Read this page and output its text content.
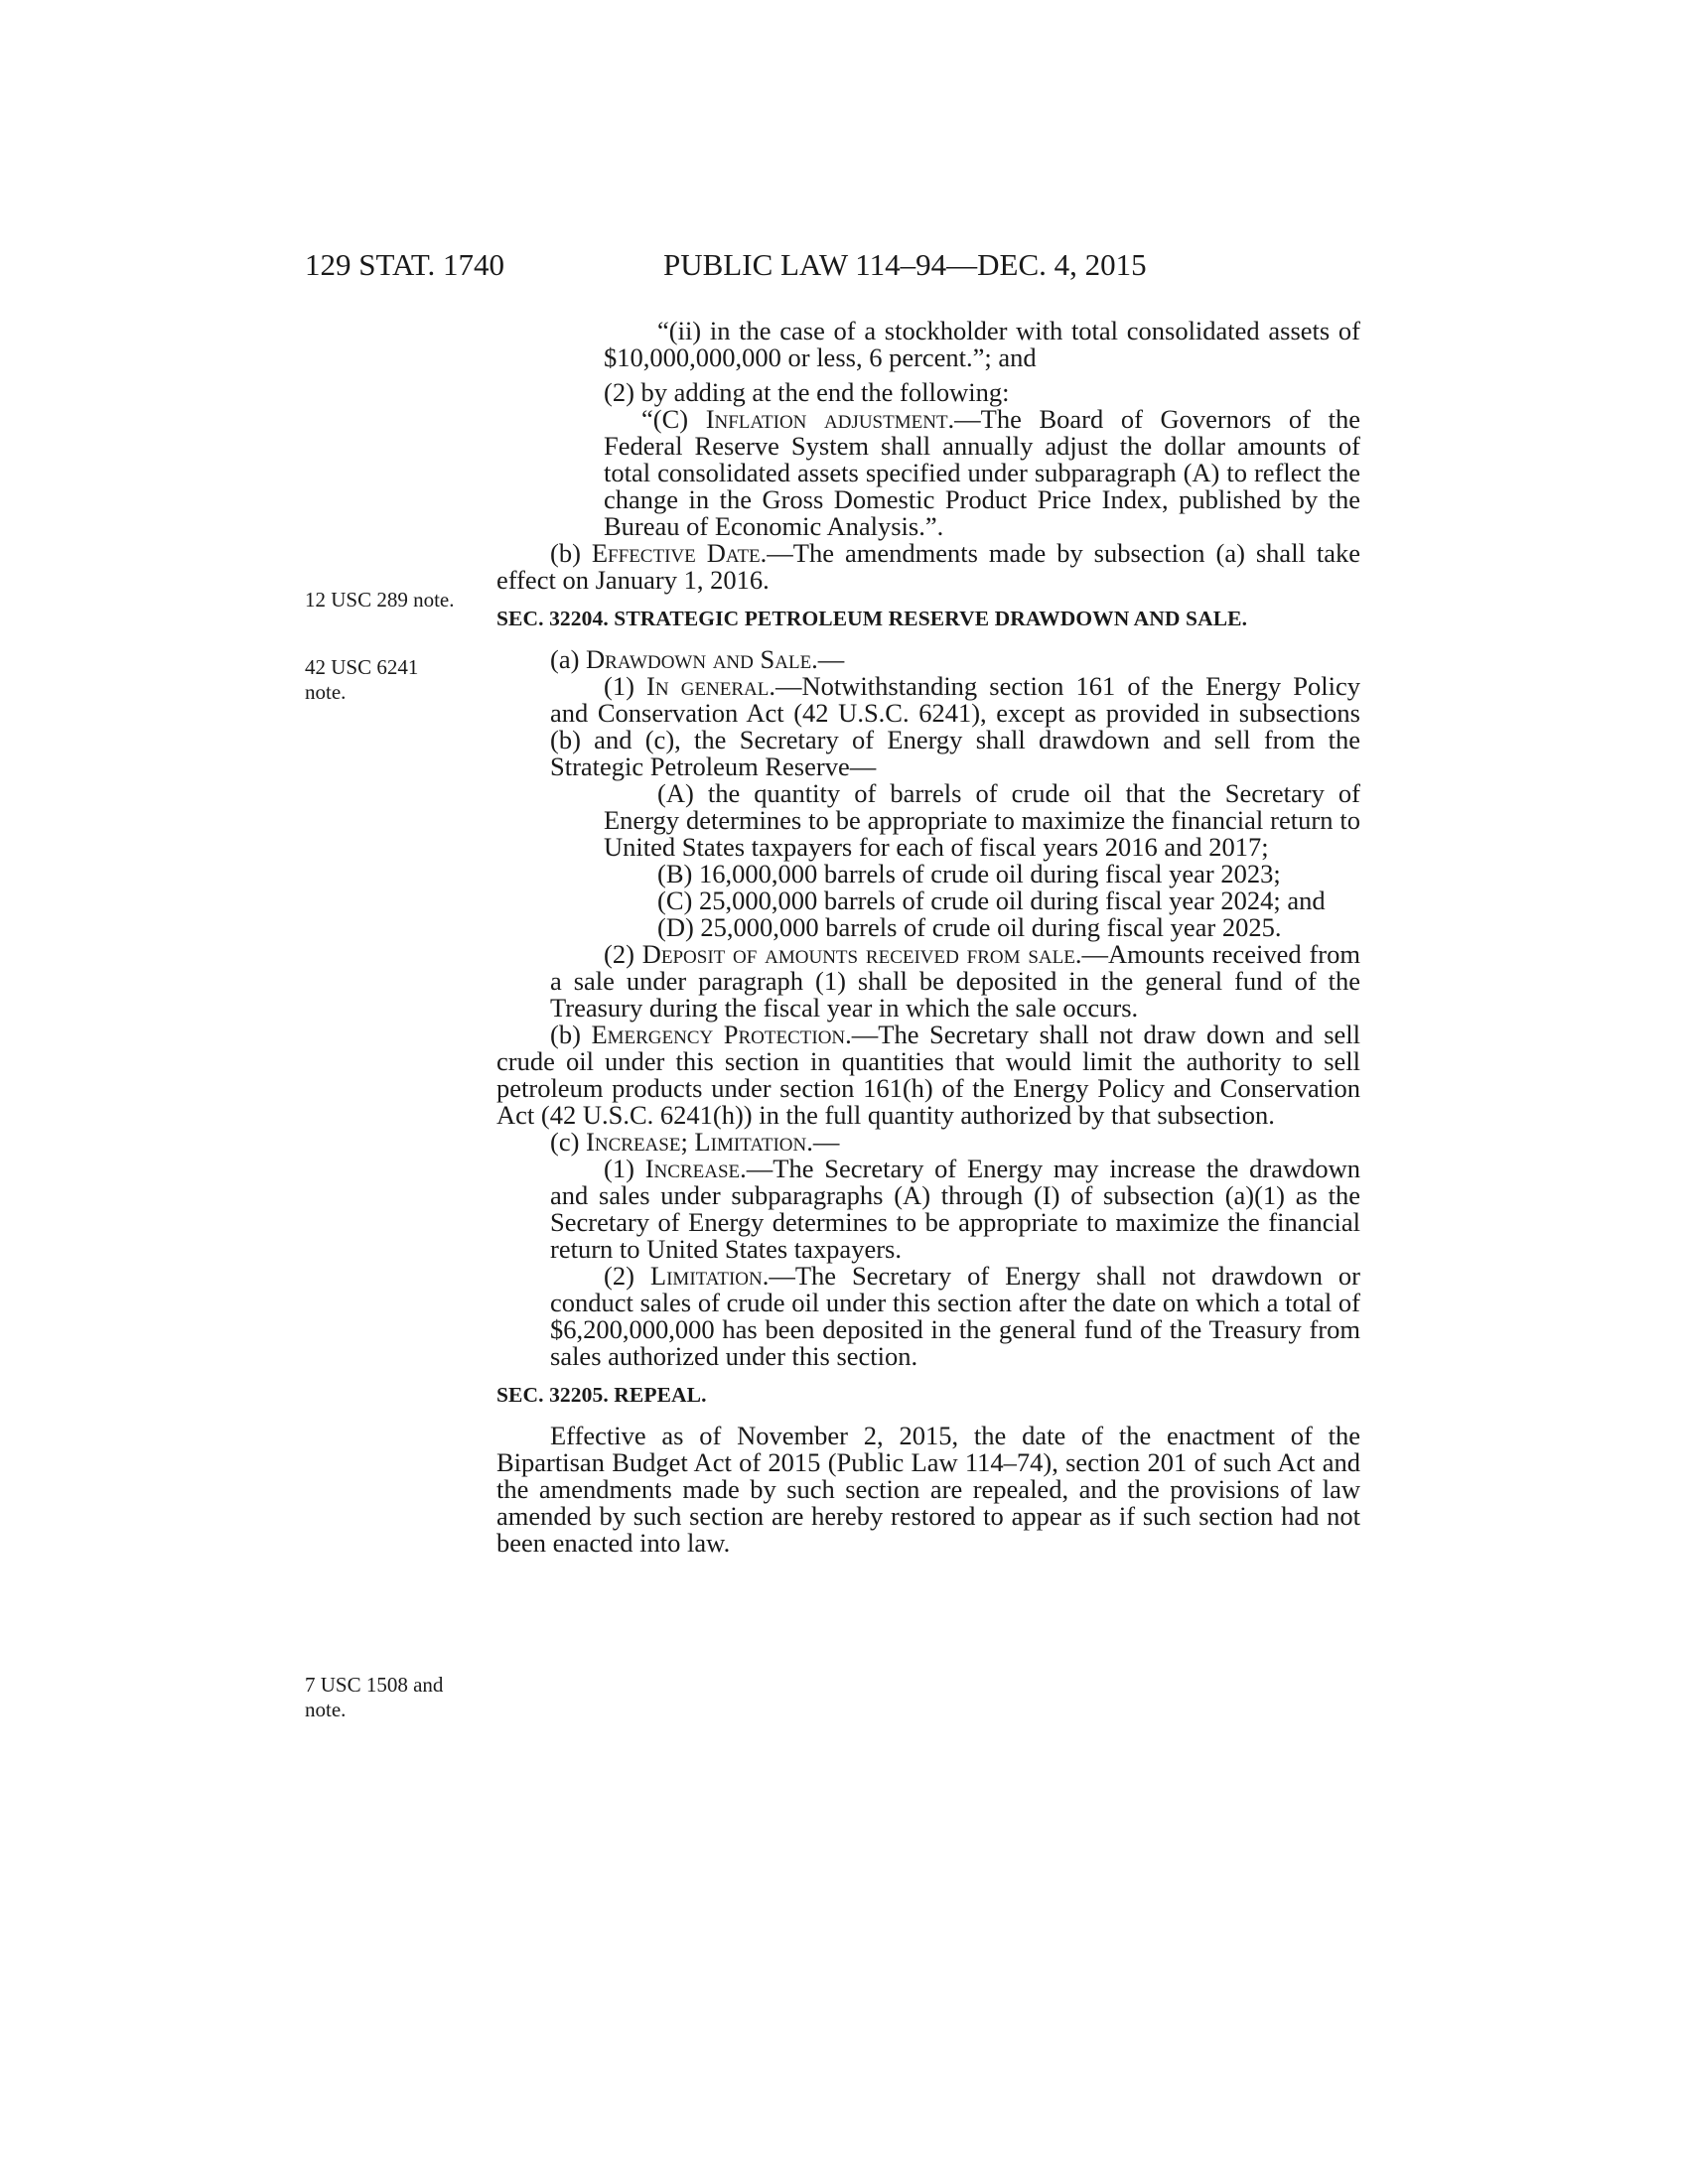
129 STAT. 1740	PUBLIC LAW 114–94—DEC. 4, 2015
12 USC 289 note.
42 USC 6241 note.
7 USC 1508 and note.

“(ii) in the case of a stockholder with total consolidated assets of $10,000,000,000 or less, 6 percent.”; and

(2) by adding at the end the following:

“(C) Inflation adjustment.—The Board of Governors of the Federal Reserve System shall annually adjust the dollar amounts of total consolidated assets specified under subparagraph (A) to reflect the change in the Gross Domestic Product Price Index, published by the Bureau of Economic Analysis.”.

(b) Effective Date.—The amendments made by subsection (a) shall take effect on January 1, 2016.

SEC. 32204. STRATEGIC PETROLEUM RESERVE DRAWDOWN AND SALE.

(a) Drawdown and Sale.—

(1) In general.—Notwithstanding section 161 of the Energy Policy and Conservation Act (42 U.S.C. 6241), except as provided in subsections (b) and (c), the Secretary of Energy shall drawdown and sell from the Strategic Petroleum Reserve—

(A) the quantity of barrels of crude oil that the Secretary of Energy determines to be appropriate to maximize the financial return to United States taxpayers for each of fiscal years 2016 and 2017;

(B) 16,000,000 barrels of crude oil during fiscal year 2023;

(C) 25,000,000 barrels of crude oil during fiscal year 2024; and

(D) 25,000,000 barrels of crude oil during fiscal year 2025.

(2) Deposit of amounts received from sale.—Amounts received from a sale under paragraph (1) shall be deposited in the general fund of the Treasury during the fiscal year in which the sale occurs.

(b) Emergency Protection.—The Secretary shall not draw down and sell crude oil under this section in quantities that would limit the authority to sell petroleum products under section 161(h) of the Energy Policy and Conservation Act (42 U.S.C. 6241(h)) in the full quantity authorized by that subsection.

(c) Increase; Limitation.—

(1) Increase.—The Secretary of Energy may increase the drawdown and sales under subparagraphs (A) through (I) of subsection (a)(1) as the Secretary of Energy determines to be appropriate to maximize the financial return to United States taxpayers.

(2) Limitation.—The Secretary of Energy shall not drawdown or conduct sales of crude oil under this section after the date on which a total of $6,200,000,000 has been deposited in the general fund of the Treasury from sales authorized under this section.

SEC. 32205. REPEAL.

Effective as of November 2, 2015, the date of the enactment of the Bipartisan Budget Act of 2015 (Public Law 114–74), section 201 of such Act and the amendments made by such section are repealed, and the provisions of law amended by such section are hereby restored to appear as if such section had not been enacted into law.
